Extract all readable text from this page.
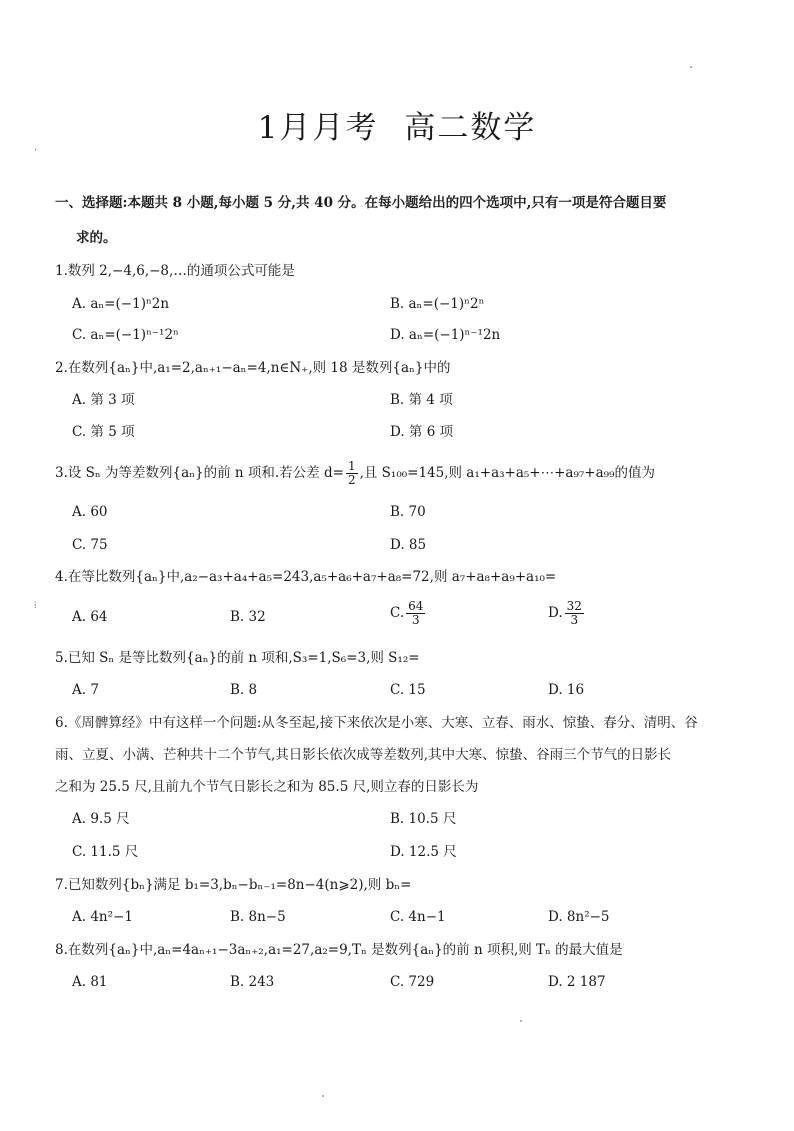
1月月考 高二数学
ʻ
⁞
一、选择题:本题共 8 小题,每小题 5 分,共 40 分。在每小题给出的四个选项中,只有一项是符合题目要
求的。
1.数列 2,−4,6,−8,…的通项公式可能是
A. aₙ=(−1)ⁿ2n	B. aₙ=(−1)ⁿ2ⁿ
C. aₙ=(−1)ⁿ⁻¹2ⁿ	D. aₙ=(−1)ⁿ⁻¹2n
2.在数列{aₙ}中,a₁=2,aₙ₊₁−aₙ=4,n∈N₊,则 18 是数列{aₙ}中的
A. 第 3 项	B. 第 4 项
C. 第 5 项	D. 第 6 项
3.设 Sₙ 为等差数列{aₙ}的前 n 项和.若公差 $d= \frac{1}{2}$ ,且 S₁₀₀=145,则 a₁+a₃+a₅+⋯+a₉₇+a₉₉的值为
A. 60	B. 70
C. 75	D. 85
4.在等比数列{aₙ}中,a₂−a₃+a₄+a₅=243,a₅+a₆+a₇+a₈=72,则 a₇+a₈+a₉+a₁₀=
A. 64	B. 32	C. $\frac{64}{3}$	D. $\frac{32}{3}$
5.已知 Sₙ 是等比数列{aₙ}的前 n 项和,S₃=1,S₆=3,则 S₁₂=
A. 7	B. 8	C. 15	D. 16
6.《周髀算经》中有这样一个问题:从冬至起,接下来依次是小寒、大寒、立春、雨水、惊蛰、春分、清明、谷
雨、立夏、小满、芒种共十二个节气,其日影长依次成等差数列,其中大寒、惊蛰、谷雨三个节气的日影长
之和为 25.5 尺,且前九个节气日影长之和为 85.5 尺,则立春的日影长为
A. 9.5 尺	B. 10.5 尺
C. 11.5 尺	D. 12.5 尺
7.已知数列{bₙ}满足 b₁=3,bₙ−bₙ₋₁=8n−4(n⩾2),则 bₙ=
A. 4n²−1	B. 8n−5	C. 4n−1	D. 8n²−5
8.在数列{aₙ}中,aₙ=4aₙ₊₁−3aₙ₊₂,a₁=27,a₂=9,Tₙ 是数列{aₙ}的前 n 项积,则 Tₙ 的最大值是
A. 81	B. 243	C. 729	D. 2 187
